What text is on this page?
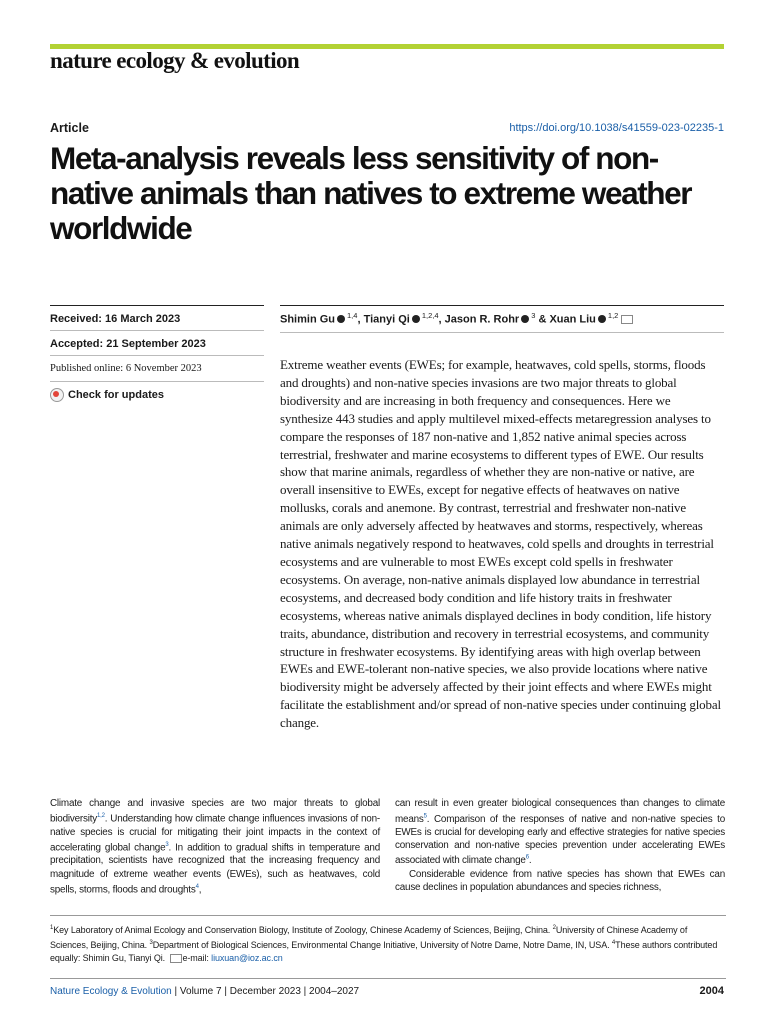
nature ecology & evolution
Article	https://doi.org/10.1038/s41559-023-02235-1
Meta-analysis reveals less sensitivity of non-native animals than natives to extreme weather worldwide
Received: 16 March 2023
Accepted: 21 September 2023
Published online: 6 November 2023
Check for updates
Shimin Gu $^{1,4}$, Tianyi Qi $^{1,2,4}$, Jason R. Rohr $^3$ & Xuan Liu $^{1,2}$

Extreme weather events (EWEs; for example, heatwaves, cold spells, storms, floods and droughts) and non-native species invasions are two major threats to global biodiversity and are increasing in both frequency and consequences. Here we synthesize 443 studies and apply multilevel mixed-effects metaregression analyses to compare the responses of 187 non-native and 1,852 native animal species across terrestrial, freshwater and marine ecosystems to different types of EWE. Our results show that marine animals, regardless of whether they are non-native or native, are overall insensitive to EWEs, except for negative effects of heatwaves on native mollusks, corals and anemone. By contrast, terrestrial and freshwater non-native animals are only adversely affected by heatwaves and storms, respectively, whereas native animals negatively respond to heatwaves, cold spells and droughts in terrestrial ecosystems and are vulnerable to most EWEs except cold spells in freshwater ecosystems. On average, non-native animals displayed low abundance in terrestrial ecosystems, and decreased body condition and life history traits in freshwater ecosystems, whereas native animals displayed declines in body condition, life history traits, abundance, distribution and recovery in terrestrial ecosystems, and community structure in freshwater ecosystems. By identifying areas with high overlap between EWEs and EWE-tolerant non-native species, we also provide locations where native biodiversity might be adversely affected by their joint effects and where EWEs might facilitate the establishment and/or spread of non-native species under continuing global change.

Climate change and invasive species are two major threats to global biodiversity$^{1,2}$. Understanding how climate change influences invasions of non-native species is crucial for mitigating their joint impacts in the context of accelerating global change$^3$. In addition to gradual shifts in temperature and precipitation, scientists have recognized that the increasing frequency and magnitude of extreme weather events (EWEs), such as heatwaves, cold spells, storms, floods and droughts$^4$,

can result in even greater biological consequences than changes to climate means$^5$. Comparison of the responses of native and non-native species to EWEs is crucial for developing early and effective strategies for native species conservation and non-native species prevention under accelerating EWEs associated with climate change$^6$.
Considerable evidence from native species has shown that EWEs can cause declines in population abundances and species richness,

$^1$Key Laboratory of Animal Ecology and Conservation Biology, Institute of Zoology, Chinese Academy of Sciences, Beijing, China. $^2$University of Chinese Academy of Sciences, Beijing, China. $^3$Department of Biological Sciences, Environmental Change Initiative, University of Notre Dame, Notre Dame, IN, USA. $^4$These authors contributed equally: Shimin Gu, Tianyi Qi. e-mail: liuxuan@ioz.ac.cn

Nature Ecology & Evolution | Volume 7 | December 2023 | 2004–2027	2004
